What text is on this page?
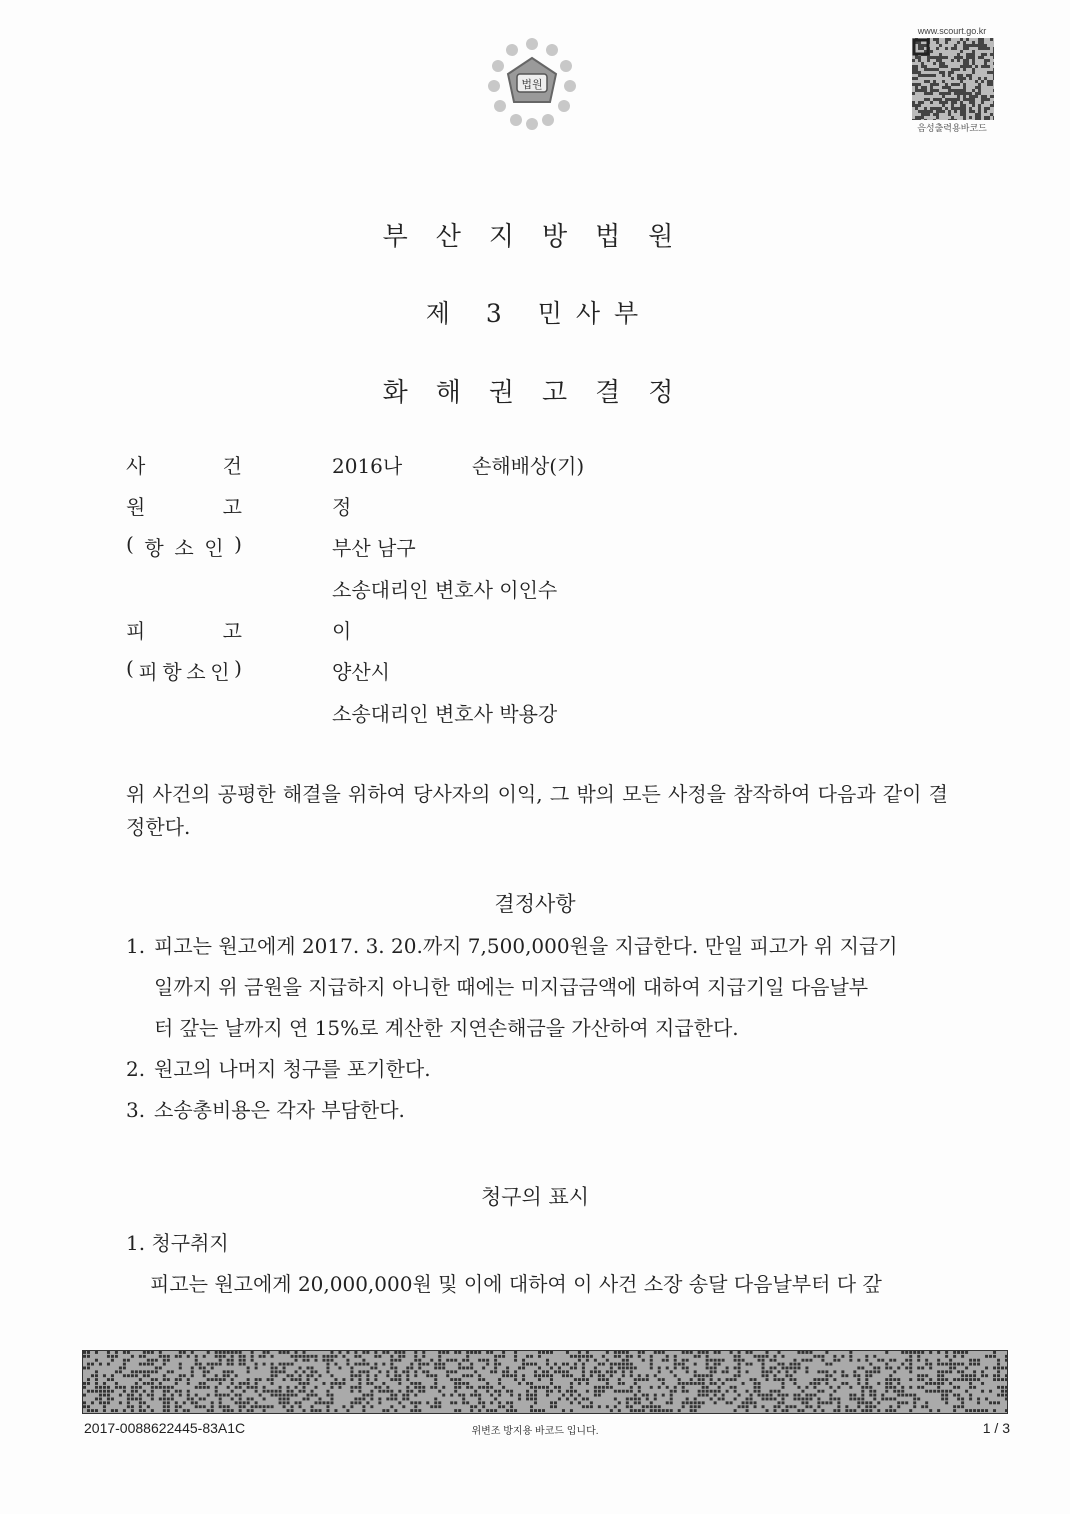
법원
www.scourt.go.kr
음성출력용바코드
부산지방법원
제 3 민사부
화해권고결정
사	건	2016나	손해배상(기)
원	고	정
( 항 소 인 )	부산 남구
소송대리인 변호사 이인수
피	고	이
( 피 항 소 인 )	양산시
소송대리인 변호사 박용강
위 사건의 공평한 해결을 위하여 당사자의 이익, 그 밖의 모든 사정을 참작하여 다음과 같이 결정한다.
결정사항
1. 피고는 원고에게 2017. 3. 20.까지 7,500,000원을 지급한다. 만일 피고가 위 지급기
일까지 위 금원을 지급하지 아니한 때에는 미지급금액에 대하여 지급기일 다음날부
터 갚는 날까지 연 15%로 계산한 지연손해금을 가산하여 지급한다.
2. 원고의 나머지 청구를 포기한다.
3. 소송총비용은 각자 부담한다.
청구의 표시
1. 청구취지
피고는 원고에게 20,000,000원 및 이에 대하여 이 사건 소장 송달 다음날부터 다 갚
2017-0088622445-83A1C	위변조 방지용 바코드 입니다.	1 / 3
